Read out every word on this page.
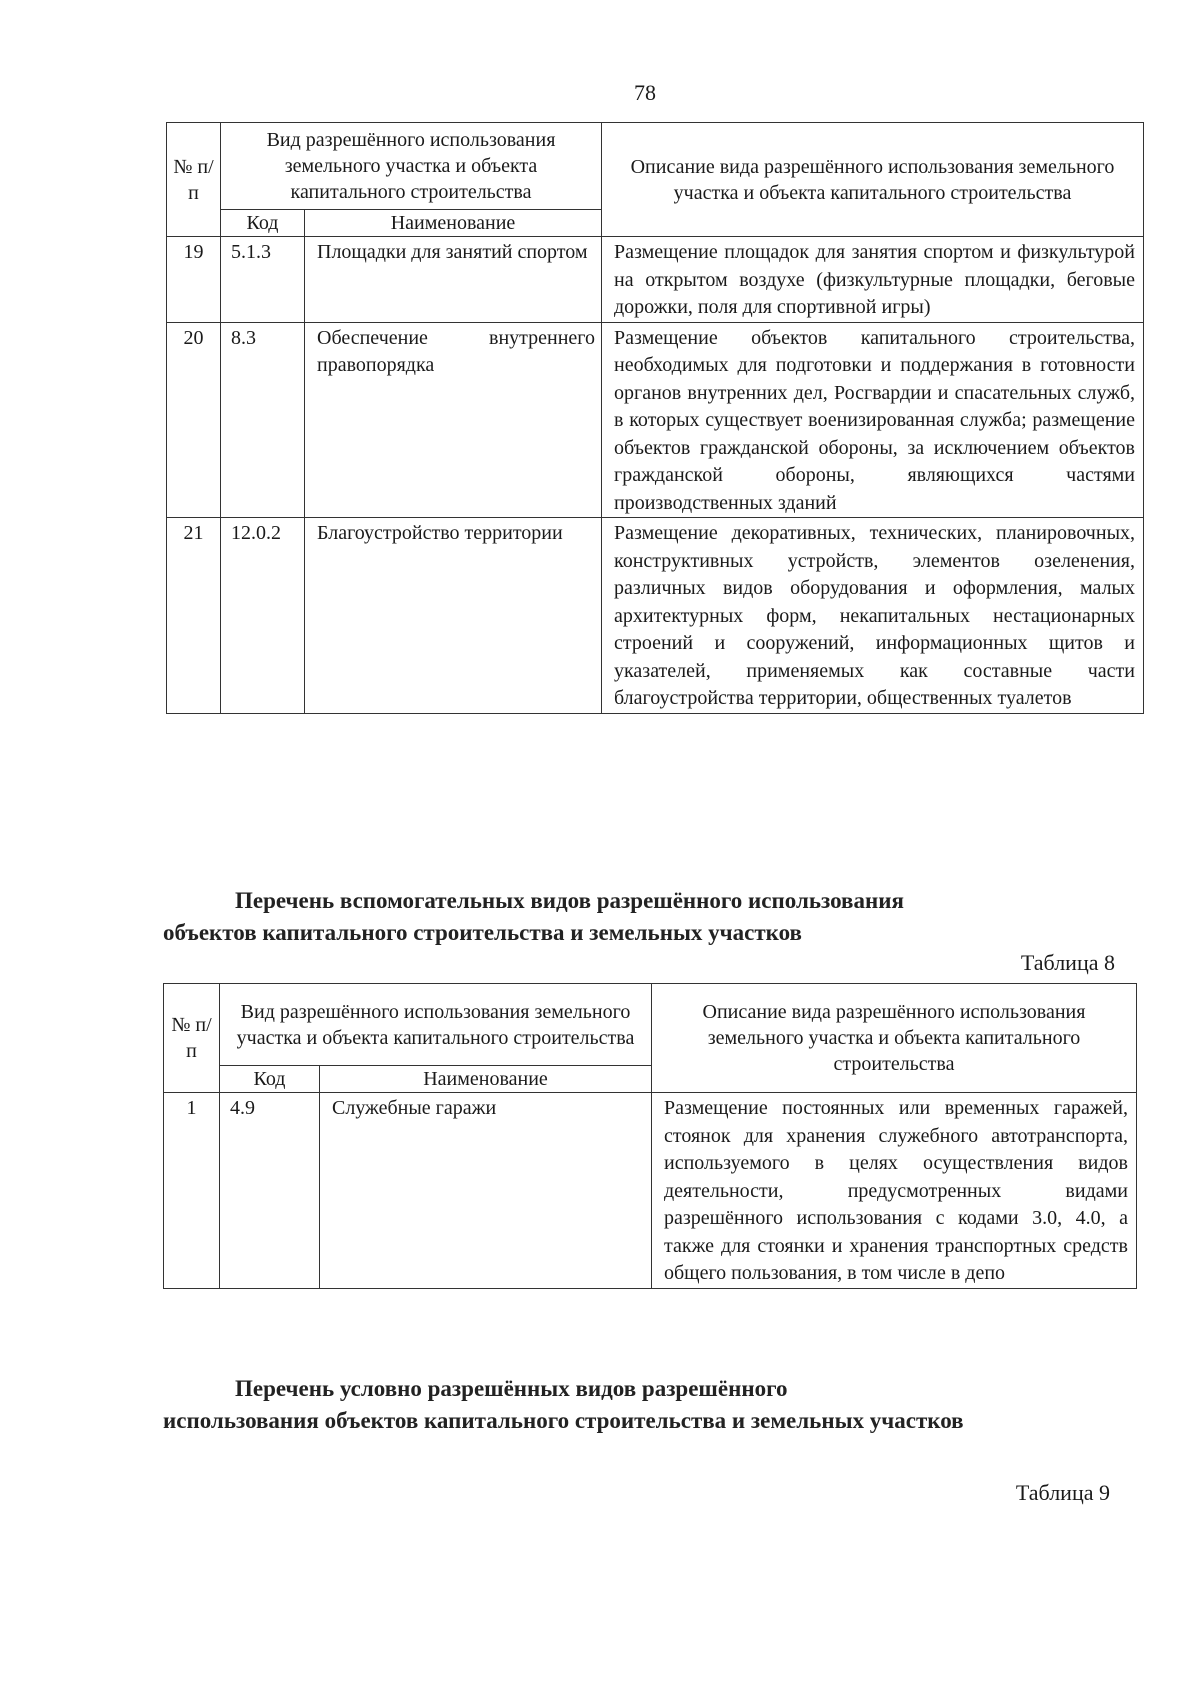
78
№ п/п	Вид разрешённого использования земельного участка и объекта капитального строительства		Описание вида разрешённого использования земельного участка и объекта капитального строительства
	Код	Наименование	
19	5.1.3	Площадки для занятий спортом	Размещение площадок для занятия спортом и физкультурой на открытом воздухе (физкультурные площадки, беговые дорожки, поля для спортивной игры)
20	8.3	Обеспечение внутреннего правопорядка	Размещение объектов капитального строительства, необходимых для подготовки и поддержания в готовности органов внутренних дел, Росгвардии и спасательных служб, в которых существует военизированная служба; размещение объектов гражданской обороны, за исключением объектов гражданской обороны, являющихся частями производственных зданий
21	12.0.2	Благоустройство территории	Размещение декоративных, технических, планировочных, конструктивных устройств, элементов озеленения, различных видов оборудования и оформления, малых архитектурных форм, некапитальных нестационарных строений и сооружений, информационных щитов и указателей, применяемых как составные части благоустройства территории, общественных туалетов
Перечень вспомогательных видов разрешённого использования
объектов капитального строительства и земельных участков
Таблица 8
№ п/п	Вид разрешённого использования земельного участка и объекта капитального строительства		Описание вида разрешённого использования земельного участка и объекта капитального строительства
	Код	Наименование	
1	4.9	Служебные гаражи	Размещение постоянных или временных гаражей, стоянок для хранения служебного автотранспорта, используемого в целях осуществления видов деятельности, предусмотренных видами разрешённого использования с кодами 3.0, 4.0, а также для стоянки и хранения транспортных средств общего пользования, в том числе в депо
Перечень условно разрешённых видов разрешённого
использования объектов капитального строительства и земельных участков
Таблица 9
